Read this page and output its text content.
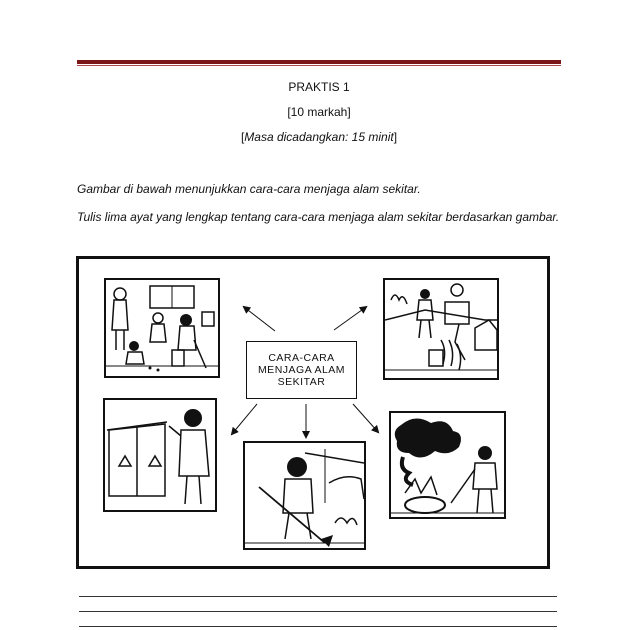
PRAKTIS 1
[10 markah]
[Masa dicadangkan: 15 minit]
Gambar di bawah menunjukkan cara-cara menjaga alam sekitar.
Tulis lima ayat yang lengkap tentang cara-cara menjaga alam sekitar berdasarkan gambar.
CARA-CARA
MENJAGA ALAM
SEKITAR
